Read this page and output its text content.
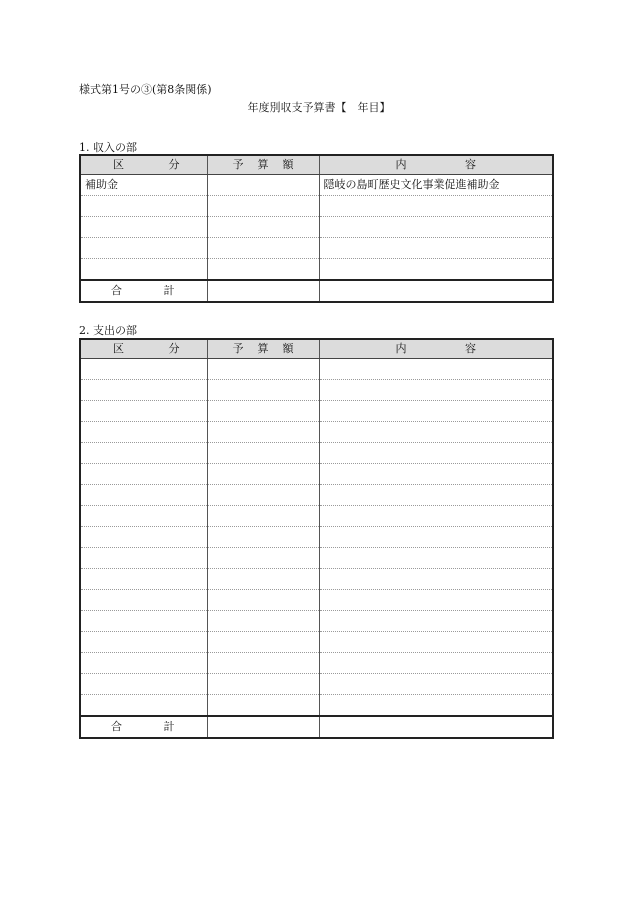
様式第1号の③(第8条関係)
年度別収支予算書【　年目】
1. 収入の部
区 分	予 算 額	内 容

補助金		隠岐の島町歴史文化事業促進補助金

合 計		

2. 支出の部
区 分	予 算 額	内 容

合 計		
